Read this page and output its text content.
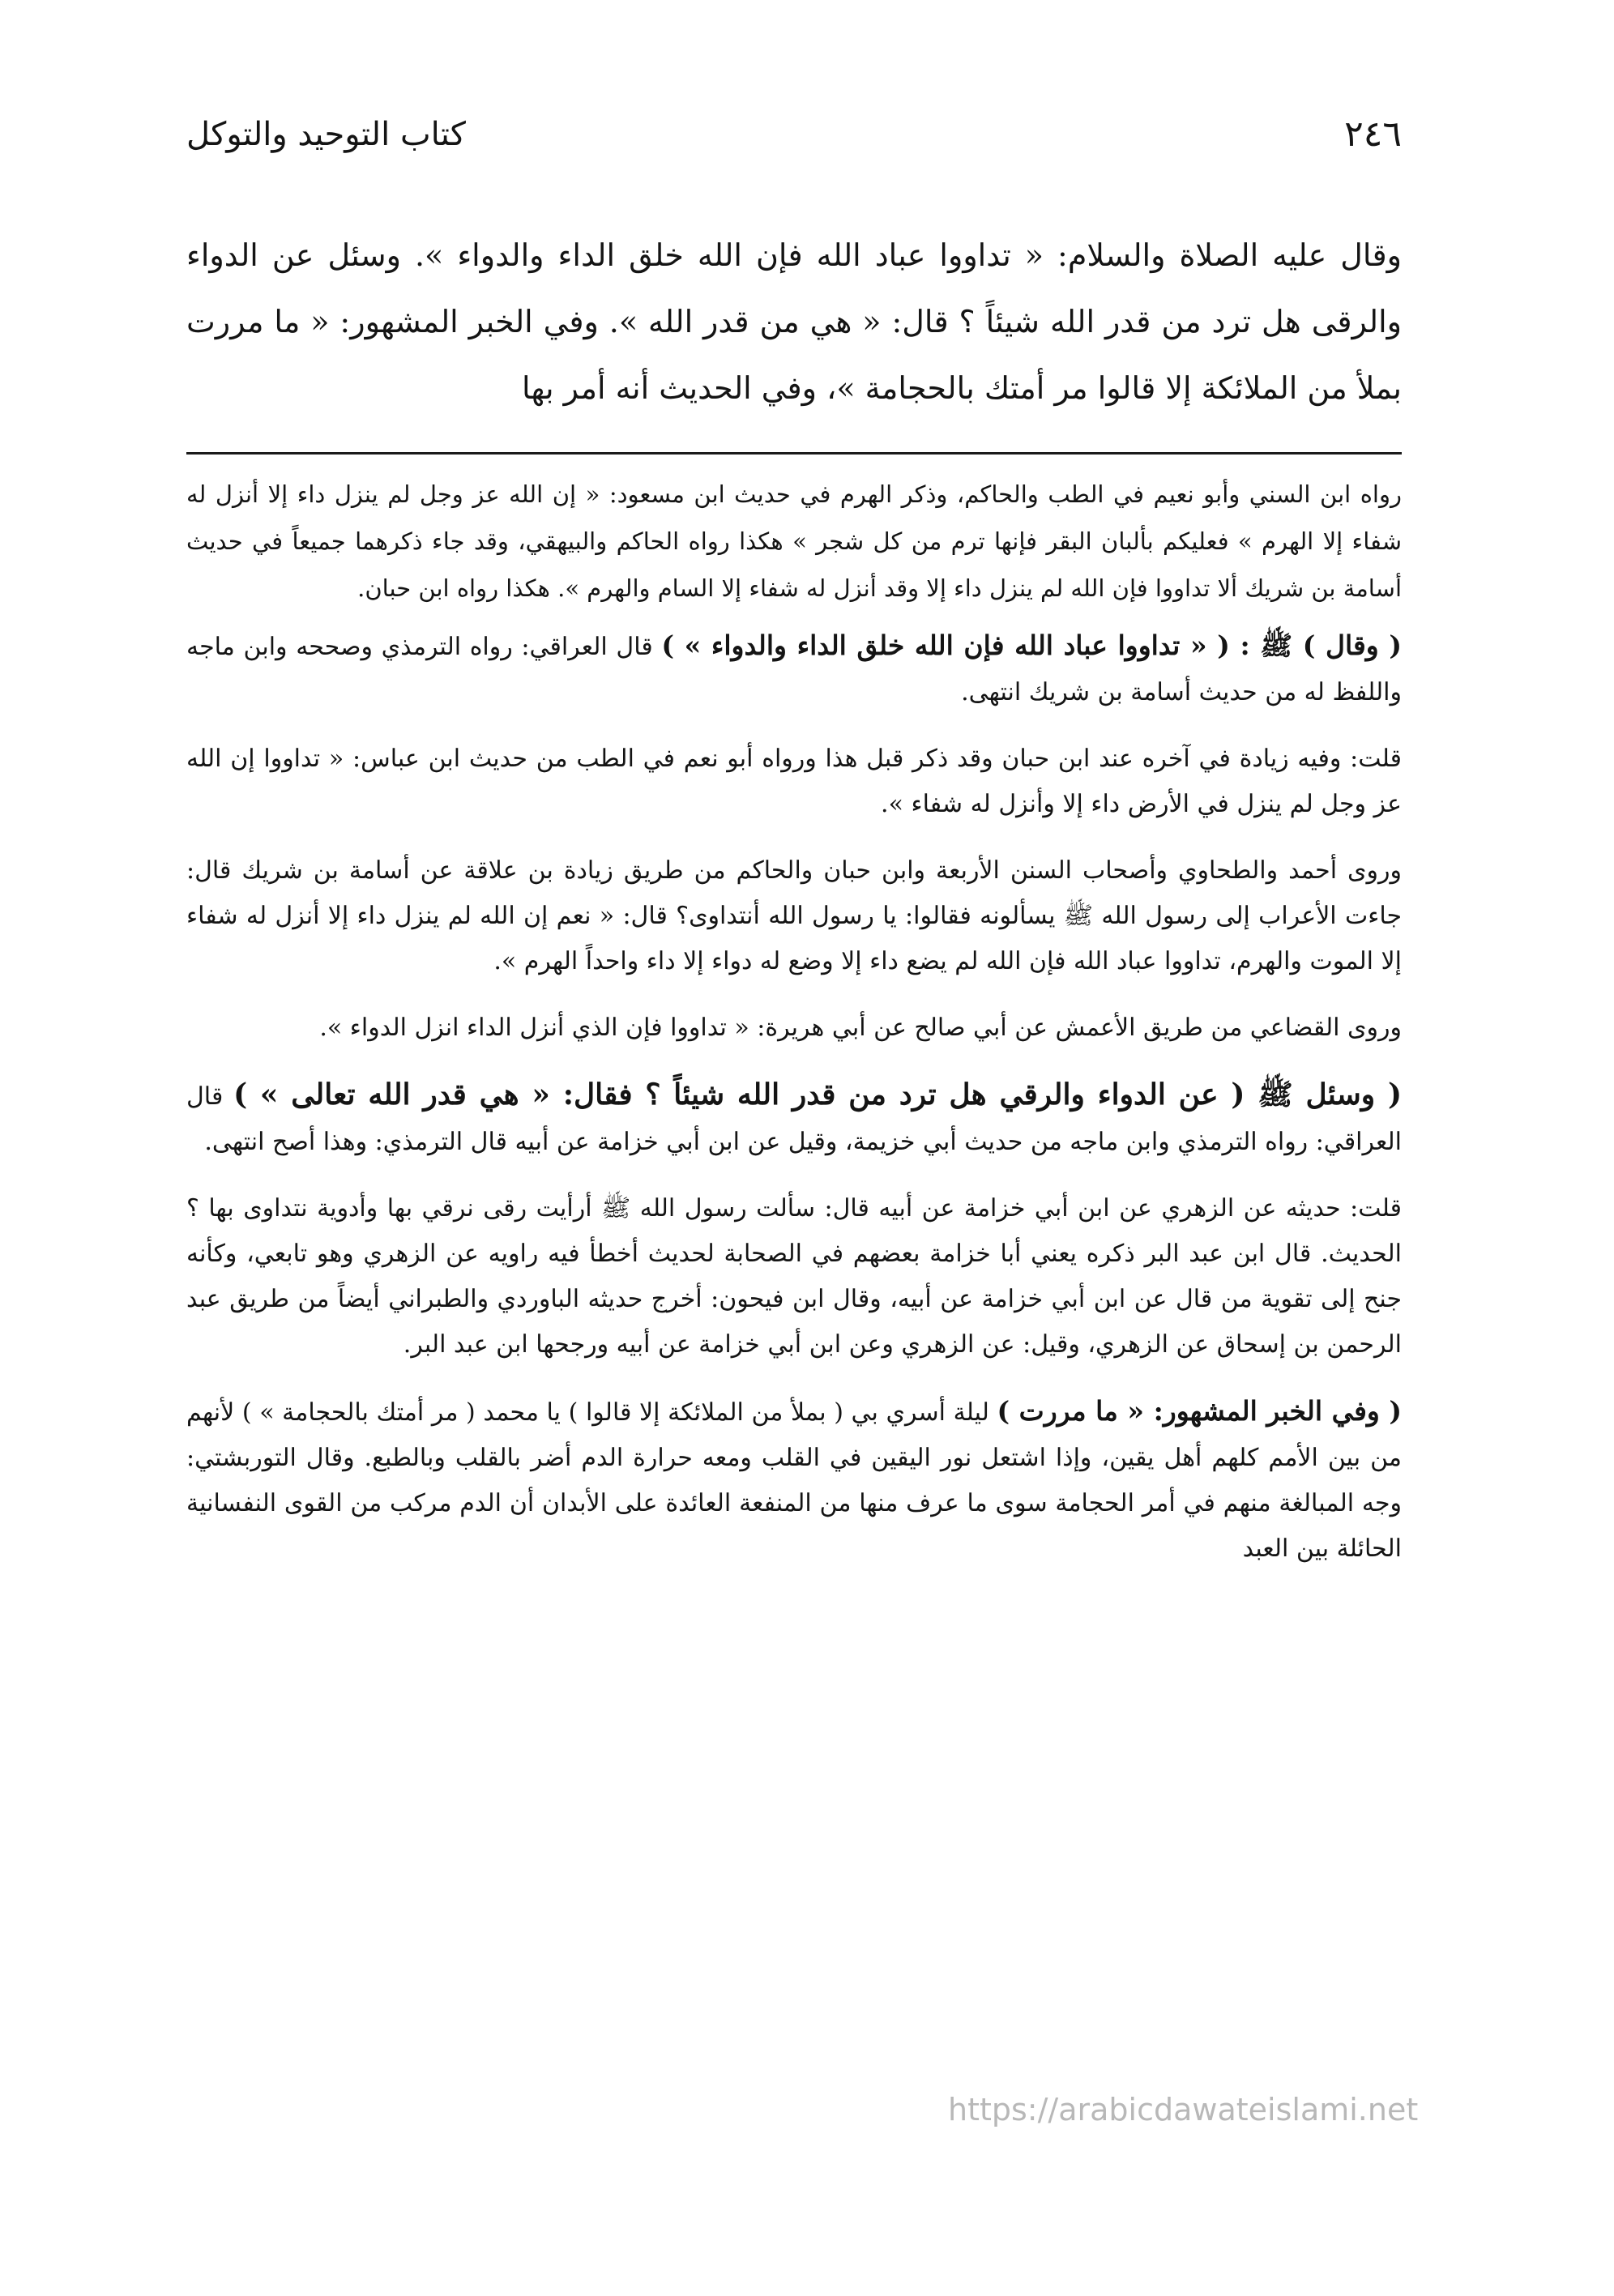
٢٤٦
كتاب التوحيد والتوكل

وقال عليه الصلاة والسلام: « تداووا عباد الله فإن الله خلق الداء والدواء ». وسئل عن الدواء والرقى هل ترد من قدر الله شيئاً ؟ قال: « هي من قدر الله ». وفي الخبر المشهور: « ما مررت بملأ من الملائكة إلا قالوا مر أمتك بالحجامة »، وفي الحديث أنه أمر بها

رواه ابن السني وأبو نعيم في الطب والحاكم، وذكر الهرم في حديث ابن مسعود: « إن الله عز وجل لم ينزل داء إلا أنزل له شفاء إلا الهرم » فعليكم بألبان البقر فإنها ترم من كل شجر » هكذا رواه الحاكم والبيهقي، وقد جاء ذكرهما جميعاً في حديث أسامة بن شريك ألا تداووا فإن الله لم ينزل داء إلا وقد أنزل له شفاء إلا السام والهرم ». هكذا رواه ابن حبان.

( وقال ) ﷺ : ( « تداووا عباد الله فإن الله خلق الداء والدواء » ) قال العراقي: رواه الترمذي وصححه وابن ماجه واللفظ له من حديث أسامة بن شريك انتهى.

قلت: وفيه زيادة في آخره عند ابن حبان وقد ذكر قبل هذا ورواه أبو نعم في الطب من حديث ابن عباس: « تداووا إن الله عز وجل لم ينزل في الأرض داء إلا وأنزل له شفاء ».

وروى أحمد والطحاوي وأصحاب السنن الأربعة وابن حبان والحاكم من طريق زيادة بن علاقة عن أسامة بن شريك قال: جاءت الأعراب إلى رسول الله ﷺ يسألونه فقالوا: يا رسول الله أنتداوى؟ قال: « نعم إن الله لم ينزل داء إلا أنزل له شفاء إلا الموت والهرم، تداووا عباد الله فإن الله لم يضع داء إلا وضع له دواء إلا داء واحداً الهرم ».

وروى القضاعي من طريق الأعمش عن أبي صالح عن أبي هريرة: « تداووا فإن الذي أنزل الداء انزل الدواء ».

( وسئل ﷺ ( عن الدواء والرقي هل ترد من قدر الله شيئاً ؟ فقال: « هي قدر الله تعالى » ) قال العراقي: رواه الترمذي وابن ماجه من حديث أبي خزيمة، وقيل عن ابن أبي خزامة عن أبيه قال الترمذي: وهذا أصح انتهى.

قلت: حديثه عن الزهري عن ابن أبي خزامة عن أبيه قال: سألت رسول الله ﷺ أرأيت رقى نرقي بها وأدوية نتداوى بها ؟ الحديث. قال ابن عبد البر ذكره يعني أبا خزامة بعضهم في الصحابة لحديث أخطأ فيه راويه عن الزهري وهو تابعي، وكأنه جنح إلى تقوية من قال عن ابن أبي خزامة عن أبيه، وقال ابن فيحون: أخرج حديثه الباوردي والطبراني أيضاً من طريق عبد الرحمن بن إسحاق عن الزهري، وقيل: عن الزهري وعن ابن أبي خزامة عن أبيه ورجحها ابن عبد البر.

( وفي الخبر المشهور: « ما مررت ) ليلة أسري بي ( بملأ من الملائكة إلا قالوا ) يا محمد ( مر أمتك بالحجامة » ) لأنهم من بين الأمم كلهم أهل يقين، وإذا اشتعل نور اليقين في القلب ومعه حرارة الدم أضر بالقلب وبالطبع. وقال التوربشتي: وجه المبالغة منهم في أمر الحجامة سوى ما عرف منها من المنفعة العائدة على الأبدان أن الدم مركب من القوى النفسانية الحائلة بين العبد

https://arabicdawateislami.net
